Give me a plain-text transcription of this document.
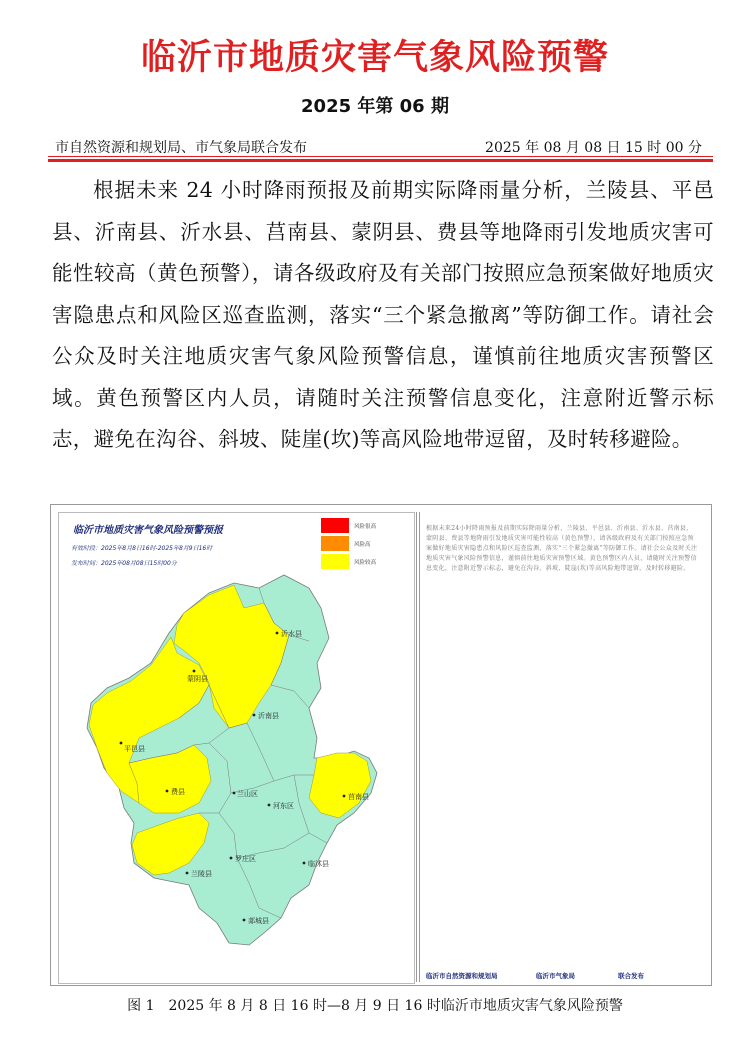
临沂市地质灾害气象风险预警
2025 年第 06 期
市自然资源和规划局、市气象局联合发布	2025 年 08 月 08 日 15 时 00 分
根据未来 24 小时降雨预报及前期实际降雨量分析，兰陵县、平邑县、沂南县、沂水县、莒南县、蒙阴县、费县等地降雨引发地质灾害可能性较高（黄色预警），请各级政府及有关部门按照应急预案做好地质灾害隐患点和风险区巡查监测，落实“三个紧急撤离”等防御工作。请社会公众及时关注地质灾害气象风险预警信息，谨慎前往地质灾害预警区域。黄色预警区内人员，请随时关注预警信息变化，注意附近警示标志，避免在沟谷、斜坡、陡崖(坎)等高风险地带逗留，及时转移避险。
沂水县
蒙阴县
沂南县
平邑县
费县	兰山区
河东区
莒南县
罗庄区
兰陵县
临沭县
郯城县
临沂市地质灾害气象风险预警预报
有效时段：2025年8月8日16时-2025年8月9日16时
发布时间：2025年08月08日15时00分
风险很高
风险高
风险较高
根据未来24小时降雨预报及前期实际降雨量分析，兰陵县、平邑县、沂南县、沂水县、莒南县、蒙阴县、费县等地降雨引发地质灾害可能性较高（黄色预警），请各级政府及有关部门按照应急预案做好地质灾害隐患点和风险区巡查监测，落实“三个紧急撤离”等防御工作。请社会公众及时关注地质灾害气象风险预警信息，谨慎前往地质灾害预警区域。黄色预警区内人员，请随时关注预警信息变化，注意附近警示标志，避免在沟谷、斜坡、陡崖(坎)等高风险地带逗留，及时转移避险。
临沂市自然资源和规划局	临沂市气象局	联合发布
图 1　2025 年 8 月 8 日 16 时—8 月 9 日 16 时临沂市地质灾害气象风险预警
